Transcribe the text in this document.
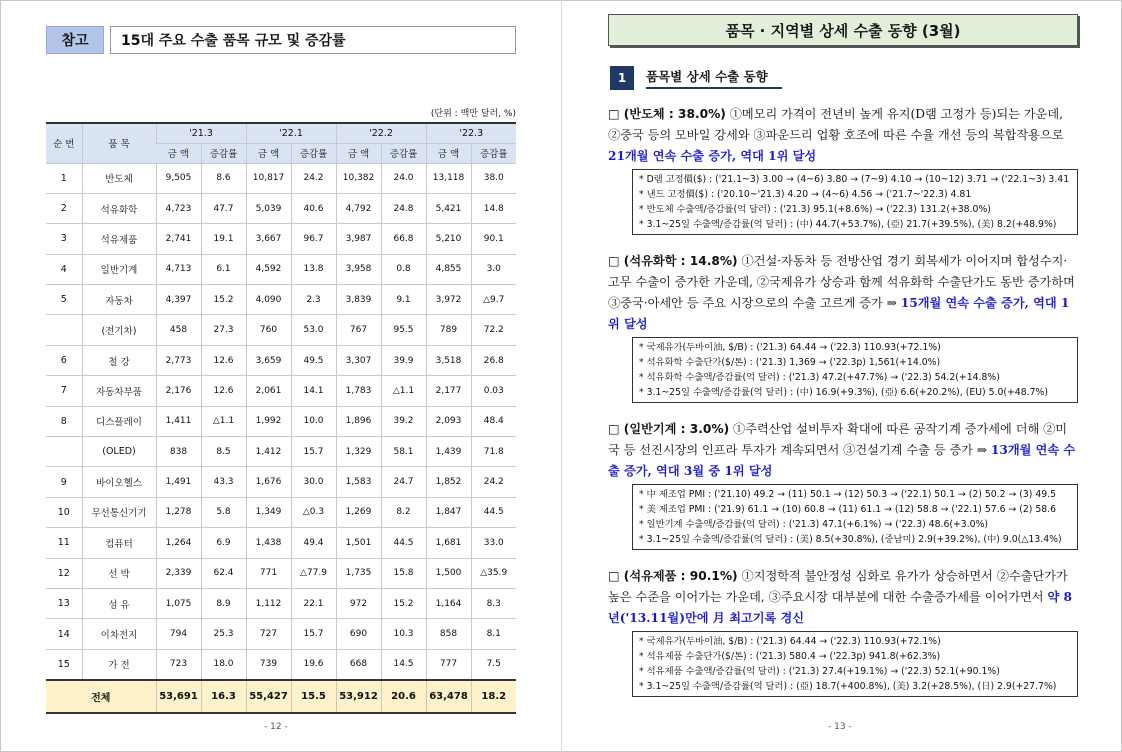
참고	15대 주요 수출 품목 규모 및 증감률
(단위 : 백만 달러, %)
순 번	품 목	'21.3		'22.1		'22.2		'22.3	
		금 액	증감률	금 액	증감률	금 액	증감률	금 액	증감률
1	반도체	9,505	8.6	10,817	24.2	10,382	24.0	13,118	38.0
2	석유화학	4,723	47.7	5,039	40.6	4,792	24.8	5,421	14.8
3	석유제품	2,741	19.1	3,667	96.7	3,987	66.8	5,210	90.1
4	일반기계	4,713	6.1	4,592	13.8	3,958	0.8	4,855	3.0
5	자동차	4,397	15.2	4,090	2.3	3,839	9.1	3,972	△9.7
	(전기차)	458	27.3	760	53.0	767	95.5	789	72.2
6	철 강	2,773	12.6	3,659	49.5	3,307	39.9	3,518	26.8
7	자동차부품	2,176	12.6	2,061	14.1	1,783	△1.1	2,177	0.03
8	디스플레이	1,411	△1.1	1,992	10.0	1,896	39.2	2,093	48.4
	(OLED)	838	8.5	1,412	15.7	1,329	58.1	1,439	71.8
9	바이오헬스	1,491	43.3	1,676	30.0	1,583	24.7	1,852	24.2
10	무선통신기기	1,278	5.8	1,349	△0.3	1,269	8.2	1,847	44.5
11	컴퓨터	1,264	6.9	1,438	49.4	1,501	44.5	1,681	33.0
12	선 박	2,339	62.4	771	△77.9	1,735	15.8	1,500	△35.9
13	섬 유	1,075	8.9	1,112	22.1	972	15.2	1,164	8.3
14	이차전지	794	25.3	727	15.7	690	10.3	858	8.1
15	가 전	723	18.0	739	19.6	668	14.5	777	7.5
전체		53,691	16.3	55,427	15.5	53,912	20.6	63,478	18.2
- 12 -
품목 · 지역별 상세 수출 동향 (3월)
1	품목별 상세 수출 동향
□ (반도체 : 38.0%) ①메모리 가격이 전년비 높게 유지(D램 고정가 등)되는 가운데, ②중국 등의 모바일 강세와 ③파운드리 업황 호조에 따른 수율 개선 등의 복합작용으로 21개월 연속 수출 증가, 역대 1위 달성
* D램 고정價($) : ('21.1~3) 3.00 → (4~6) 3.80 → (7~9) 4.10 → (10~12) 3.71 → ('22.1~3) 3.41
* 낸드 고정價($) : ('20.10~'21.3) 4.20 → (4~6) 4.56 → ('21.7~'22.3) 4.81
* 반도체 수출액/증감률(억 달러) : ('21.3) 95.1(+8.6%) → ('22.3) 131.2(+38.0%)
* 3.1~25일 수출액/증감률(억 달러) : (中) 44.7(+53.7%), (亞) 21.7(+39.5%), (美) 8.2(+48.9%)
□ (석유화학 : 14.8%) ①건설·자동차 등 전방산업 경기 회복세가 이어지며 합성수지·고무 수출이 증가한 가운데, ②국제유가 상승과 함께 석유화학 수출단가도 동반 증가하며 ③중국·아세안 등 주요 시장으로의 수출 고르게 증가 ⇒ 15개월 연속 수출 증가, 역대 1위 달성
* 국제유가(두바이油, $/B) : ('21.3) 64.44 → ('22.3) 110.93(+72.1%)
* 석유화학 수출단가($/톤) : ('21.3) 1,369 → ('22.3p) 1,561(+14.0%)
* 석유화학 수출액/증감률(억 달러) : ('21.3) 47.2(+47.7%) → ('22.3) 54.2(+14.8%)
* 3.1~25일 수출액/증감률(억 달러) : (中) 16.9(+9.3%), (亞) 6.6(+20.2%), (EU) 5.0(+48.7%)
□ (일반기계 : 3.0%) ①주력산업 설비투자 확대에 따른 공작기계 증가세에 더해 ②미국 등 선진시장의 인프라 투자가 계속되면서 ③건설기계 수출 등 증가 ⇒ 13개월 연속 수출 증가, 역대 3월 중 1위 달성
* 中 제조업 PMI : ('21.10) 49.2 → (11) 50.1 → (12) 50.3 → ('22.1) 50.1 → (2) 50.2 → (3) 49.5
* 美 제조업 PMI : ('21.9) 61.1 → (10) 60.8 → (11) 61.1 → (12) 58.8 → ('22.1) 57.6 → (2) 58.6
* 일반기계 수출액/증감률(억 달러) : ('21.3) 47.1(+6.1%) → ('22.3) 48.6(+3.0%)
* 3.1~25일 수출액/증감률(억 달러) : (美) 8.5(+30.8%), (중남미) 2.9(+39.2%), (中) 9.0(△13.4%)
□ (석유제품 : 90.1%) ①지정학적 불안정성 심화로 유가가 상승하면서 ②수출단가가 높은 수준을 이어가는 가운데, ③주요시장 대부분에 대한 수출증가세를 이어가면서 약 8년('13.11월)만에 月 최고기록 경신
* 국제유가(두바이油, $/B) : ('21.3) 64.44 → ('22.3) 110.93(+72.1%)
* 석유제품 수출단가($/톤) : ('21.3) 580.4 → ('22.3p) 941.8(+62.3%)
* 석유제품 수출액/증감률(억 달러) : ('21.3) 27.4(+19.1%) → ('22.3) 52.1(+90.1%)
* 3.1~25일 수출액/증감률(억 달러) : (亞) 18.7(+400.8%), (美) 3.2(+28.5%), (日) 2.9(+27.7%)
- 13 -
